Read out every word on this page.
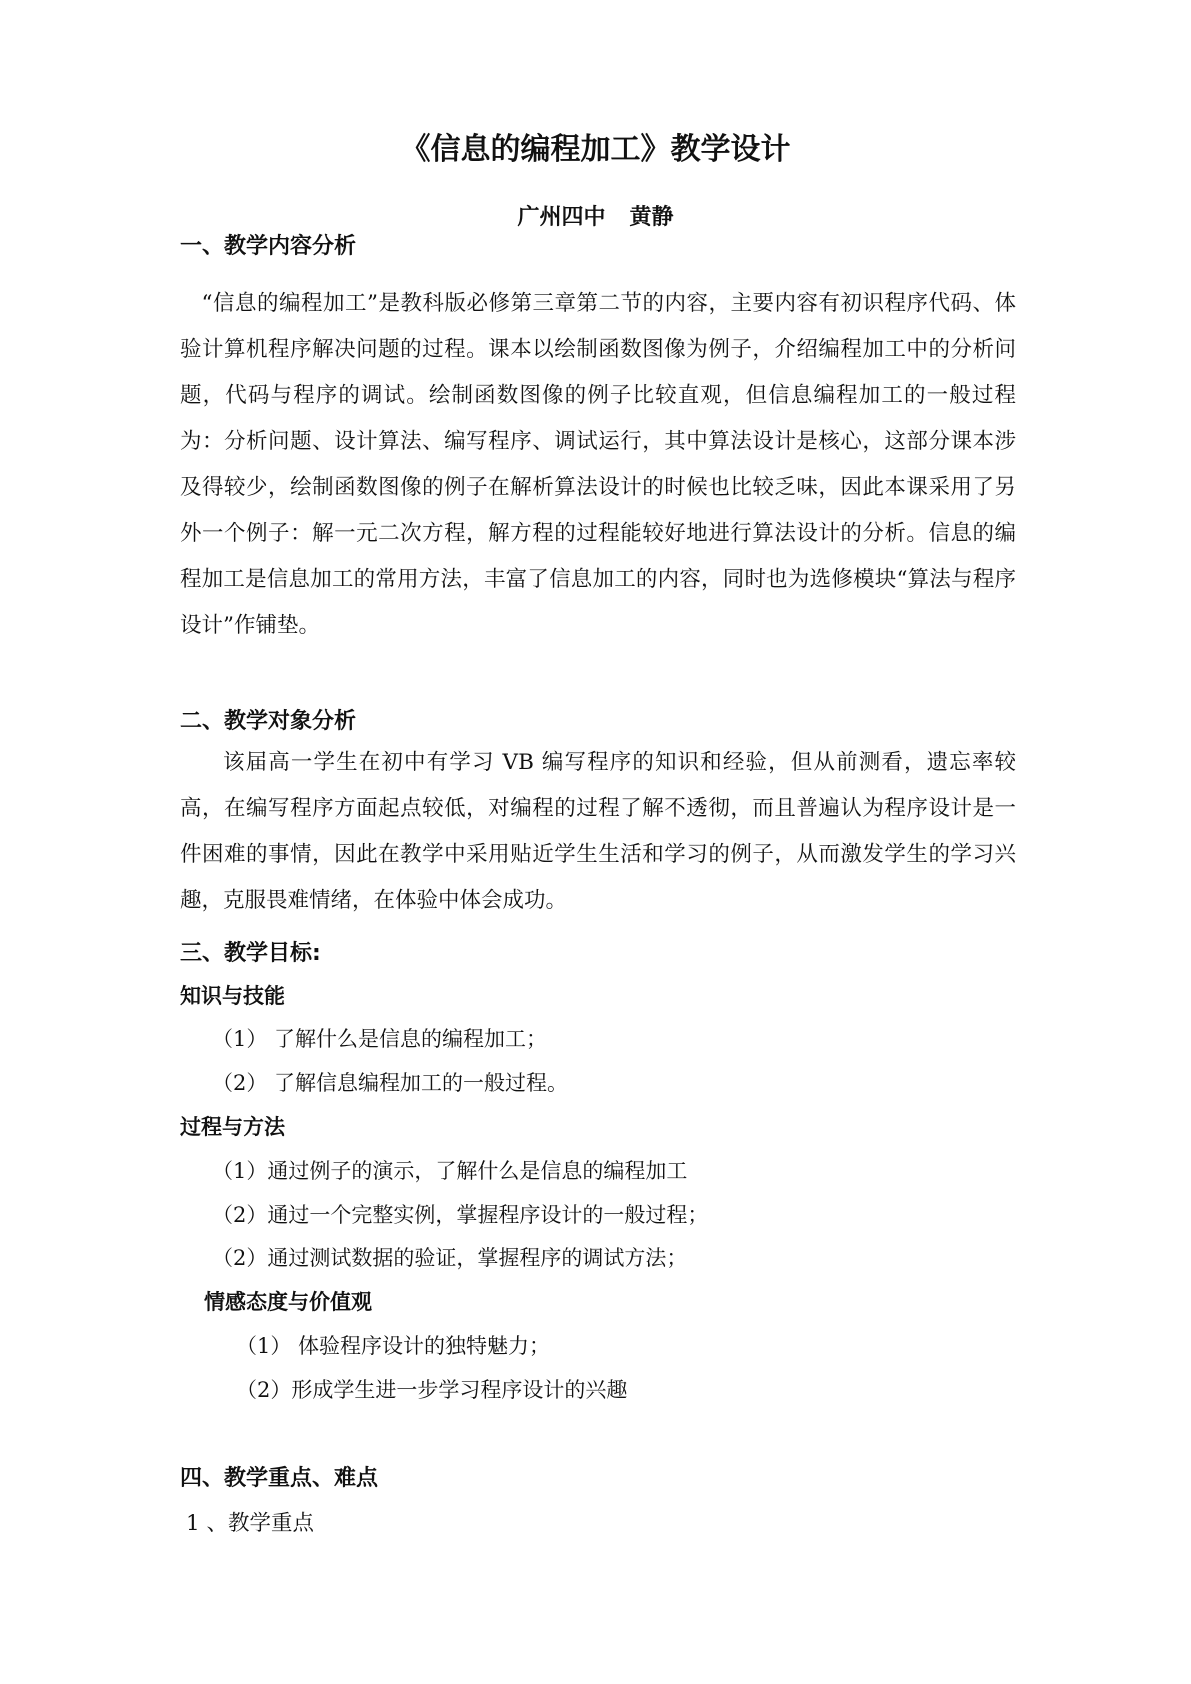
《信息的编程加工》教学设计
广州四中 黄静
一、教学内容分析
“信息的编程加工”是教科版必修第三章第二节的内容，主要内容有初识程序代码、体验计算机程序解决问题的过程。课本以绘制函数图像为例子，介绍编程加工中的分析问题，代码与程序的调试。绘制函数图像的例子比较直观，但信息编程加工的一般过程为：分析问题、设计算法、编写程序、调试运行，其中算法设计是核心，这部分课本涉及得较少，绘制函数图像的例子在解析算法设计的时候也比较乏味，因此本课采用了另外一个例子：解一元二次方程，解方程的过程能较好地进行算法设计的分析。信息的编程加工是信息加工的常用方法，丰富了信息加工的内容，同时也为选修模块“算法与程序设计”作铺垫。
二、教学对象分析
该届高一学生在初中有学习 VB 编写程序的知识和经验，但从前测看，遗忘率较高，在编写程序方面起点较低，对编程的过程了解不透彻，而且普遍认为程序设计是一件困难的事情，因此在教学中采用贴近学生生活和学习的例子，从而激发学生的学习兴趣，克服畏难情绪，在体验中体会成功。
三、教学目标:
知识与技能
（1） 了解什么是信息的编程加工；
（2） 了解信息编程加工的一般过程。
过程与方法
（1）通过例子的演示，了解什么是信息的编程加工
（2）通过一个完整实例，掌握程序设计的一般过程；
（2）通过测试数据的验证，掌握程序的调试方法；
情感态度与价值观
（1） 体验程序设计的独特魅力；
（2）形成学生进一步学习程序设计的兴趣
四、教学重点、难点
1 、教学重点
